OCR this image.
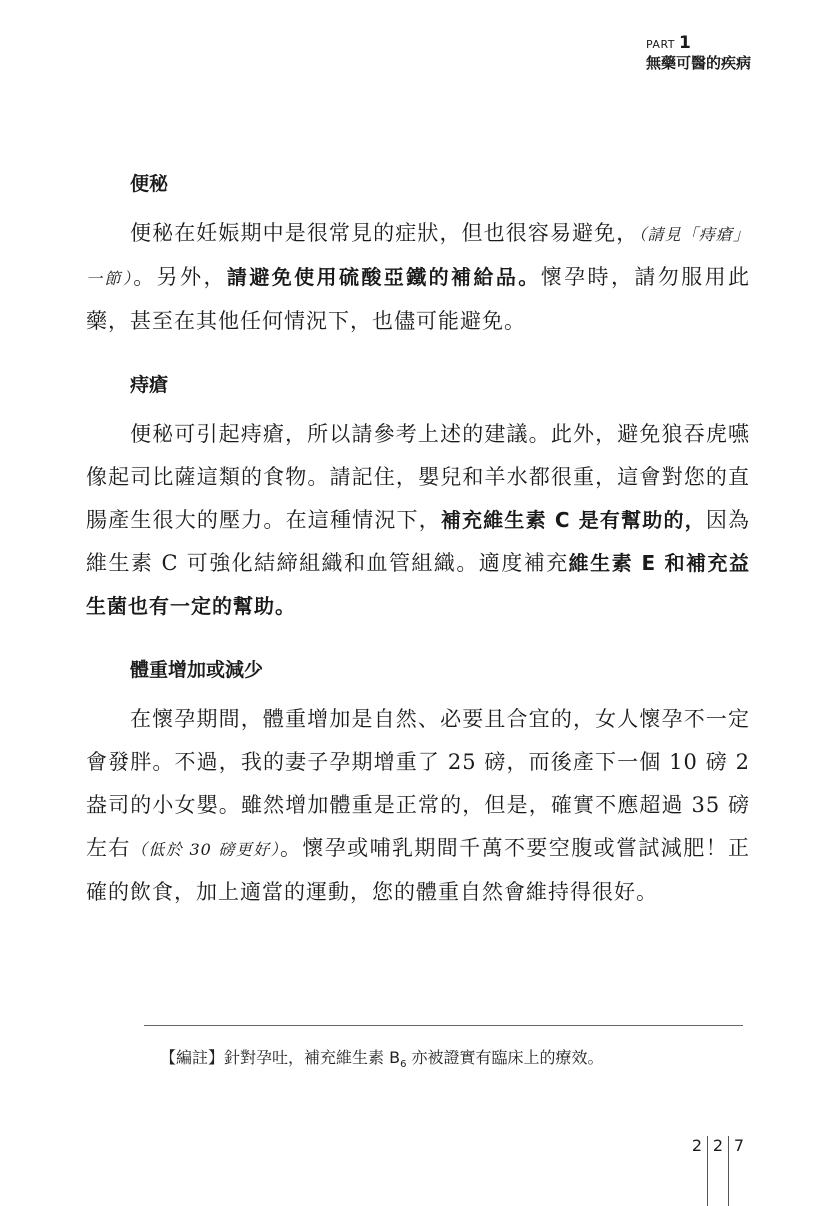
PART 1
無藥可醫的疾病
便秘

便秘在妊娠期中是很常見的症狀，但也很容易避免，（請見「痔瘡」一節）。另外，請避免使用硫酸亞鐵的補給品。懷孕時，請勿服用此藥，甚至在其他任何情況下，也儘可能避免。

痔瘡

便秘可引起痔瘡，所以請參考上述的建議。此外，避免狼吞虎嚥像起司比薩這類的食物。請記住，嬰兒和羊水都很重，這會對您的直腸產生很大的壓力。在這種情況下，補充維生素 C 是有幫助的，因為維生素 C 可強化結締組織和血管組織。適度補充維生素 E 和補充益生菌也有一定的幫助。

體重增加或減少

在懷孕期間，體重增加是自然、必要且合宜的，女人懷孕不一定會發胖。不過，我的妻子孕期增重了 25 磅，而後產下一個 10 磅 2 盎司的小女嬰。雖然增加體重是正常的，但是，確實不應超過 35 磅左右（低於 30 磅更好）。懷孕或哺乳期間千萬不要空腹或嘗試減肥！正確的飲食，加上適當的運動，您的體重自然會維持得很好。

【編註】針對孕吐，補充維生素 $B_6$ 亦被證實有臨床上的療效。
2 2 7
